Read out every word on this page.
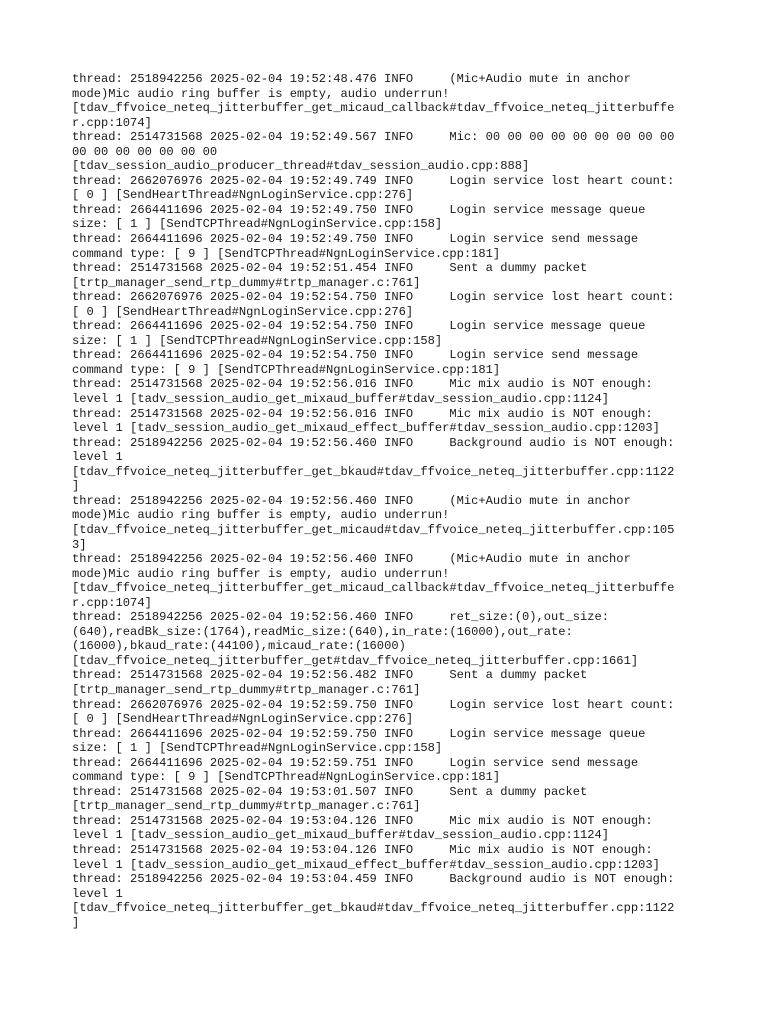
thread: 2518942256 2025-02-04 19:52:48.476 INFO     (Mic+Audio mute in anchor
mode)Mic audio ring buffer is empty, audio underrun!
[tdav_ffvoice_neteq_jitterbuffer_get_micaud_callback#tdav_ffvoice_neteq_jitterbuffe
r.cpp:1074]
thread: 2514731568 2025-02-04 19:52:49.567 INFO     Mic: 00 00 00 00 00 00 00 00 00
00 00 00 00 00 00 00
[tdav_session_audio_producer_thread#tdav_session_audio.cpp:888]
thread: 2662076976 2025-02-04 19:52:49.749 INFO     Login service lost heart count:
[ 0 ] [SendHeartThread#NgnLoginService.cpp:276]
thread: 2664411696 2025-02-04 19:52:49.750 INFO     Login service message queue
size: [ 1 ] [SendTCPThread#NgnLoginService.cpp:158]
thread: 2664411696 2025-02-04 19:52:49.750 INFO     Login service send message
command type: [ 9 ] [SendTCPThread#NgnLoginService.cpp:181]
thread: 2514731568 2025-02-04 19:52:51.454 INFO     Sent a dummy packet
[trtp_manager_send_rtp_dummy#trtp_manager.c:761]
thread: 2662076976 2025-02-04 19:52:54.750 INFO     Login service lost heart count:
[ 0 ] [SendHeartThread#NgnLoginService.cpp:276]
thread: 2664411696 2025-02-04 19:52:54.750 INFO     Login service message queue
size: [ 1 ] [SendTCPThread#NgnLoginService.cpp:158]
thread: 2664411696 2025-02-04 19:52:54.750 INFO     Login service send message
command type: [ 9 ] [SendTCPThread#NgnLoginService.cpp:181]
thread: 2514731568 2025-02-04 19:52:56.016 INFO     Mic mix audio is NOT enough:
level 1 [tadv_session_audio_get_mixaud_buffer#tdav_session_audio.cpp:1124]
thread: 2514731568 2025-02-04 19:52:56.016 INFO     Mic mix audio is NOT enough:
level 1 [tadv_session_audio_get_mixaud_effect_buffer#tdav_session_audio.cpp:1203]
thread: 2518942256 2025-02-04 19:52:56.460 INFO     Background audio is NOT enough:
level 1
[tdav_ffvoice_neteq_jitterbuffer_get_bkaud#tdav_ffvoice_neteq_jitterbuffer.cpp:1122
]
thread: 2518942256 2025-02-04 19:52:56.460 INFO     (Mic+Audio mute in anchor
mode)Mic audio ring buffer is empty, audio underrun!
[tdav_ffvoice_neteq_jitterbuffer_get_micaud#tdav_ffvoice_neteq_jitterbuffer.cpp:105
3]
thread: 2518942256 2025-02-04 19:52:56.460 INFO     (Mic+Audio mute in anchor
mode)Mic audio ring buffer is empty, audio underrun!
[tdav_ffvoice_neteq_jitterbuffer_get_micaud_callback#tdav_ffvoice_neteq_jitterbuffe
r.cpp:1074]
thread: 2518942256 2025-02-04 19:52:56.460 INFO     ret_size:(0),out_size:
(640),readBk_size:(1764),readMic_size:(640),in_rate:(16000),out_rate:
(16000),bkaud_rate:(44100),micaud_rate:(16000)
[tdav_ffvoice_neteq_jitterbuffer_get#tdav_ffvoice_neteq_jitterbuffer.cpp:1661]
thread: 2514731568 2025-02-04 19:52:56.482 INFO     Sent a dummy packet
[trtp_manager_send_rtp_dummy#trtp_manager.c:761]
thread: 2662076976 2025-02-04 19:52:59.750 INFO     Login service lost heart count:
[ 0 ] [SendHeartThread#NgnLoginService.cpp:276]
thread: 2664411696 2025-02-04 19:52:59.750 INFO     Login service message queue
size: [ 1 ] [SendTCPThread#NgnLoginService.cpp:158]
thread: 2664411696 2025-02-04 19:52:59.751 INFO     Login service send message
command type: [ 9 ] [SendTCPThread#NgnLoginService.cpp:181]
thread: 2514731568 2025-02-04 19:53:01.507 INFO     Sent a dummy packet
[trtp_manager_send_rtp_dummy#trtp_manager.c:761]
thread: 2514731568 2025-02-04 19:53:04.126 INFO     Mic mix audio is NOT enough:
level 1 [tadv_session_audio_get_mixaud_buffer#tdav_session_audio.cpp:1124]
thread: 2514731568 2025-02-04 19:53:04.126 INFO     Mic mix audio is NOT enough:
level 1 [tadv_session_audio_get_mixaud_effect_buffer#tdav_session_audio.cpp:1203]
thread: 2518942256 2025-02-04 19:53:04.459 INFO     Background audio is NOT enough:
level 1
[tdav_ffvoice_neteq_jitterbuffer_get_bkaud#tdav_ffvoice_neteq_jitterbuffer.cpp:1122
]
